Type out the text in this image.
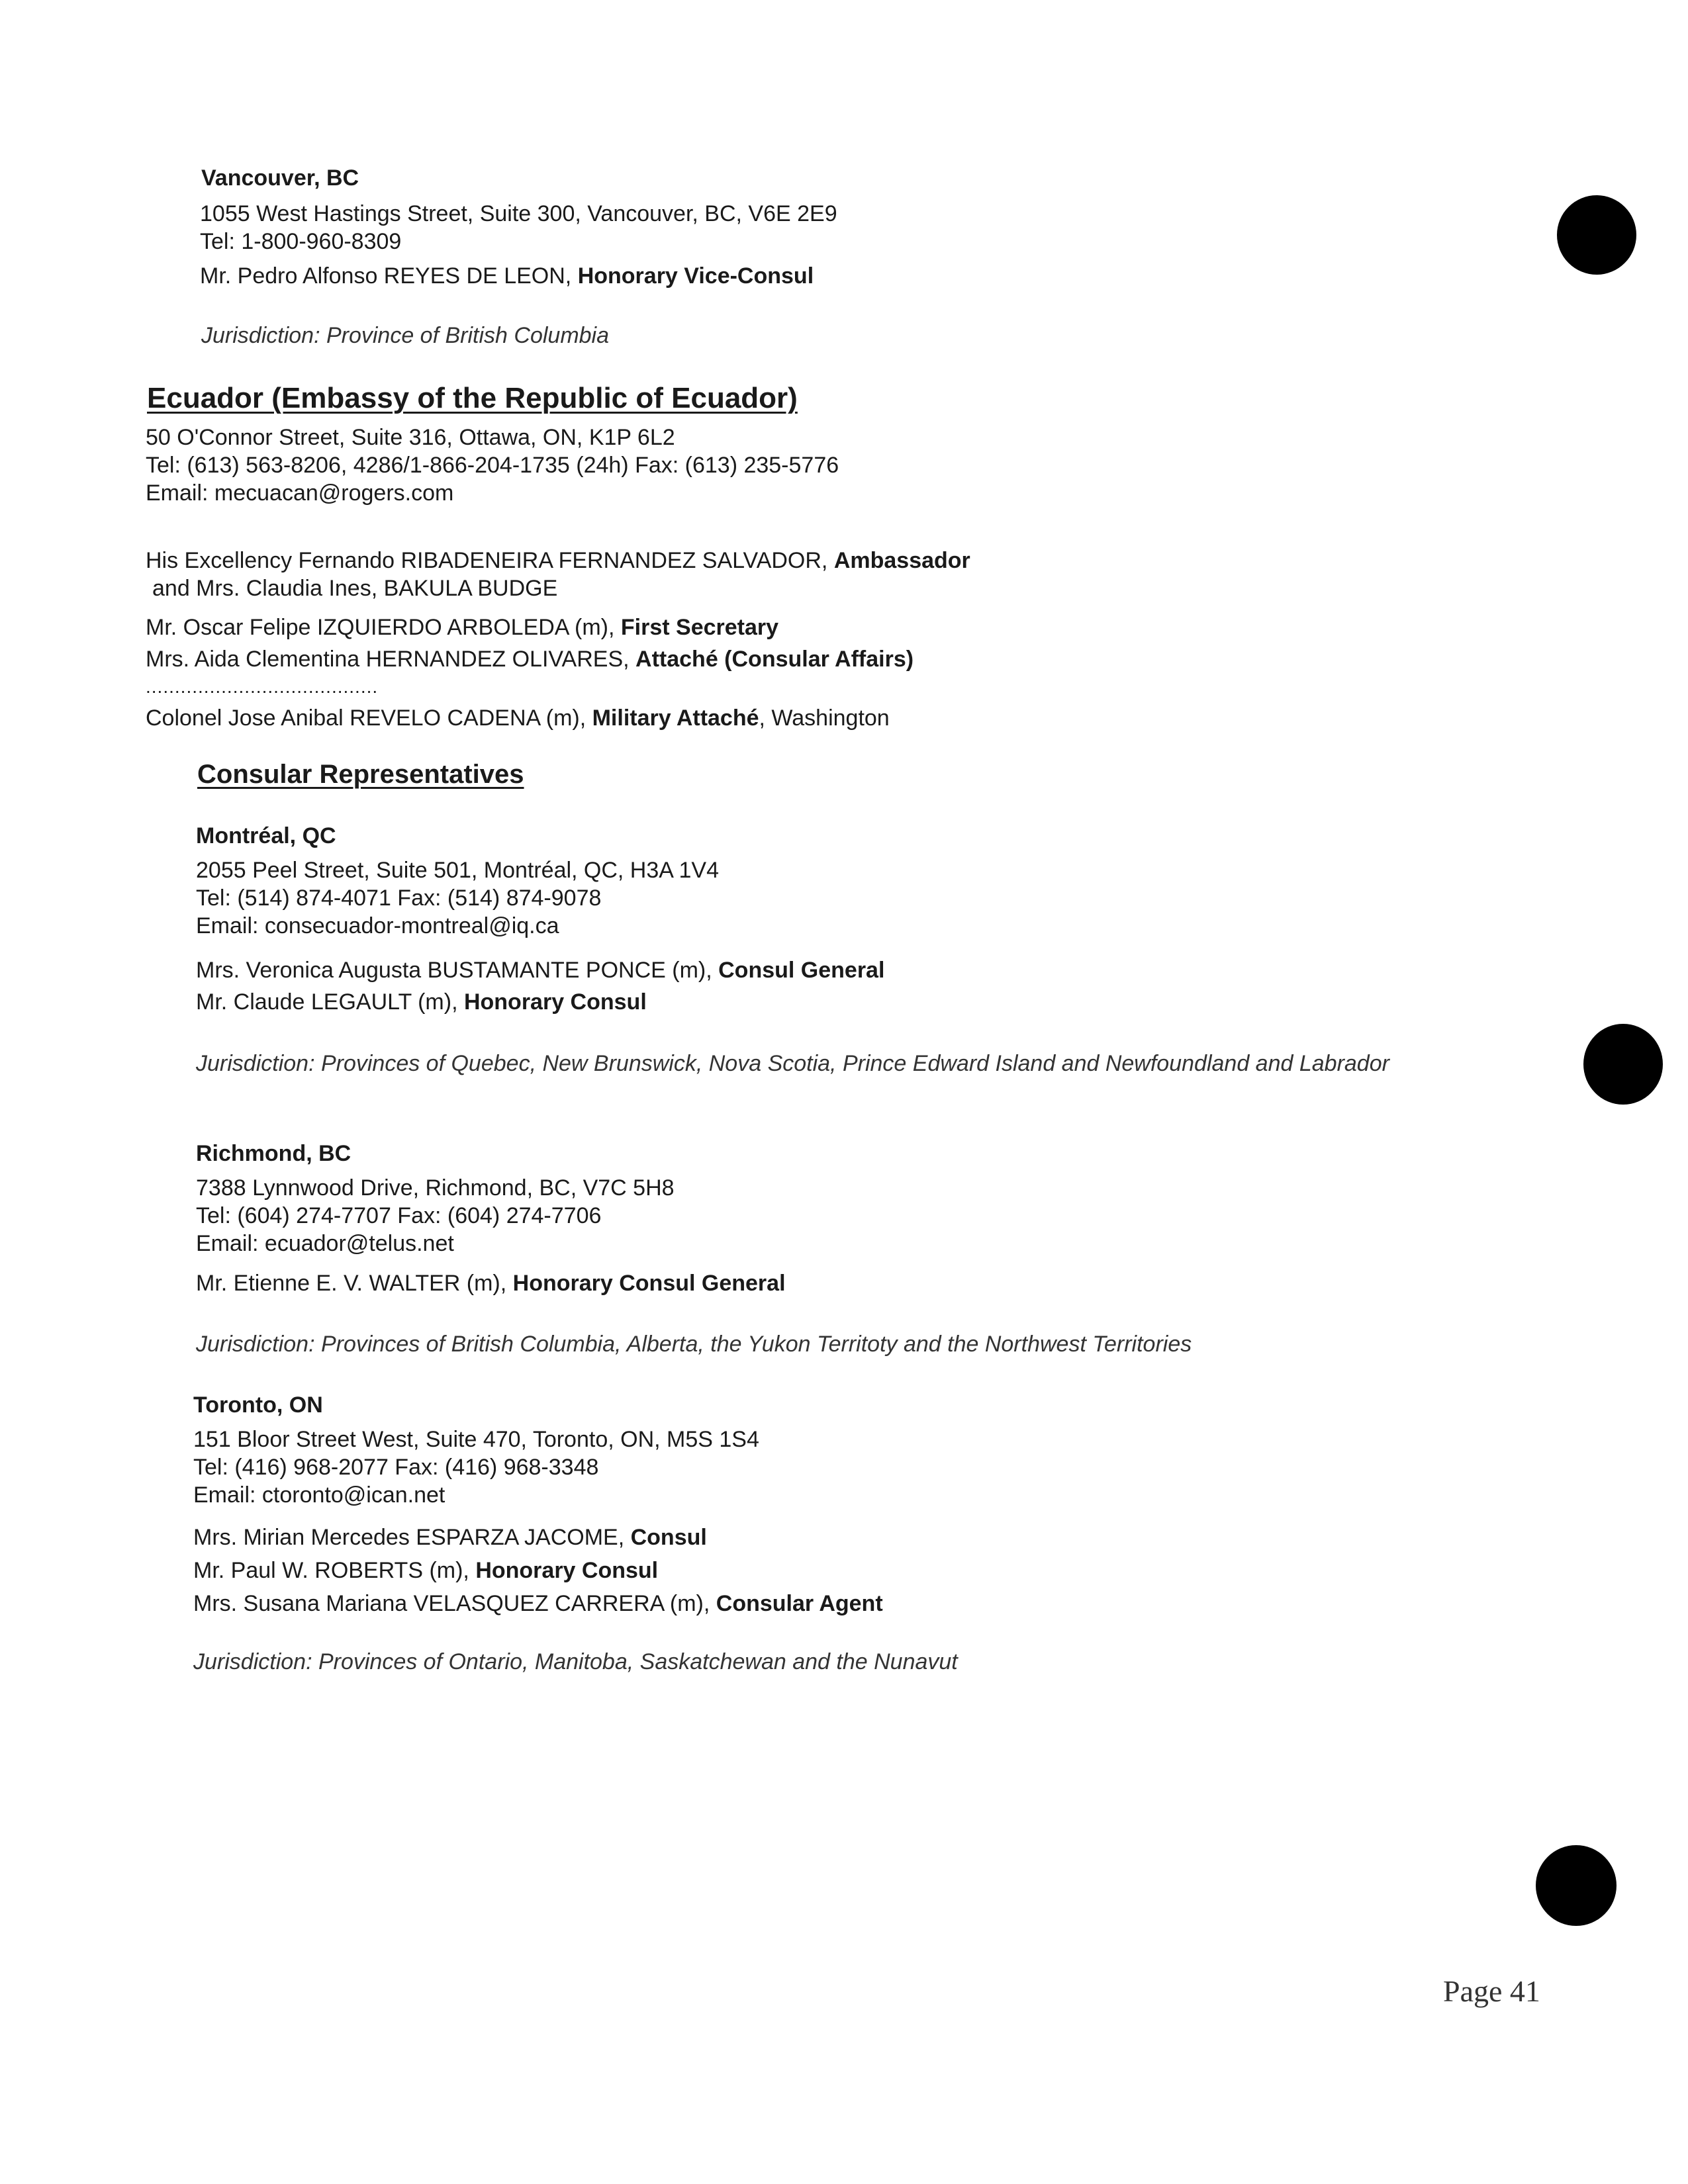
Vancouver, BC
1055 West Hastings Street, Suite 300, Vancouver, BC, V6E 2E9
Tel: 1-800-960-8309
Mr. Pedro Alfonso REYES DE LEON, Honorary Vice-Consul
Jurisdiction: Province of British Columbia
Ecuador (Embassy of the Republic of Ecuador)
50 O'Connor Street, Suite 316, Ottawa, ON, K1P 6L2
Tel: (613) 563-8206, 4286/1-866-204-1735 (24h) Fax: (613) 235-5776
Email: mecuacan@rogers.com
His Excellency Fernando RIBADENEIRA FERNANDEZ SALVADOR, Ambassador
and Mrs. Claudia Ines, BAKULA BUDGE
Mr. Oscar Felipe IZQUIERDO ARBOLEDA (m), First Secretary
Mrs. Aida Clementina HERNANDEZ OLIVARES, Attaché (Consular Affairs)
........................................
Colonel Jose Anibal REVELO CADENA (m), Military Attaché, Washington
Consular Representatives
Montréal, QC
2055 Peel Street, Suite 501, Montréal, QC, H3A 1V4
Tel: (514) 874-4071 Fax: (514) 874-9078
Email: consecuador-montreal@iq.ca
Mrs. Veronica Augusta BUSTAMANTE PONCE (m), Consul General
Mr. Claude LEGAULT (m), Honorary Consul
Jurisdiction: Provinces of Quebec, New Brunswick, Nova Scotia, Prince Edward Island and Newfoundland and Labrador
Richmond, BC
7388 Lynnwood Drive, Richmond, BC, V7C 5H8
Tel: (604) 274-7707 Fax: (604) 274-7706
Email: ecuador@telus.net
Mr. Etienne E. V. WALTER (m), Honorary Consul General
Jurisdiction: Provinces of British Columbia, Alberta, the Yukon Territoty and the Northwest Territories
Toronto, ON
151 Bloor Street West, Suite 470, Toronto, ON, M5S 1S4
Tel: (416) 968-2077 Fax: (416) 968-3348
Email: ctoronto@ican.net
Mrs. Mirian Mercedes ESPARZA JACOME, Consul
Mr. Paul W. ROBERTS (m), Honorary Consul
Mrs. Susana Mariana VELASQUEZ CARRERA (m), Consular Agent
Jurisdiction: Provinces of Ontario, Manitoba, Saskatchewan and the Nunavut
Page 41
